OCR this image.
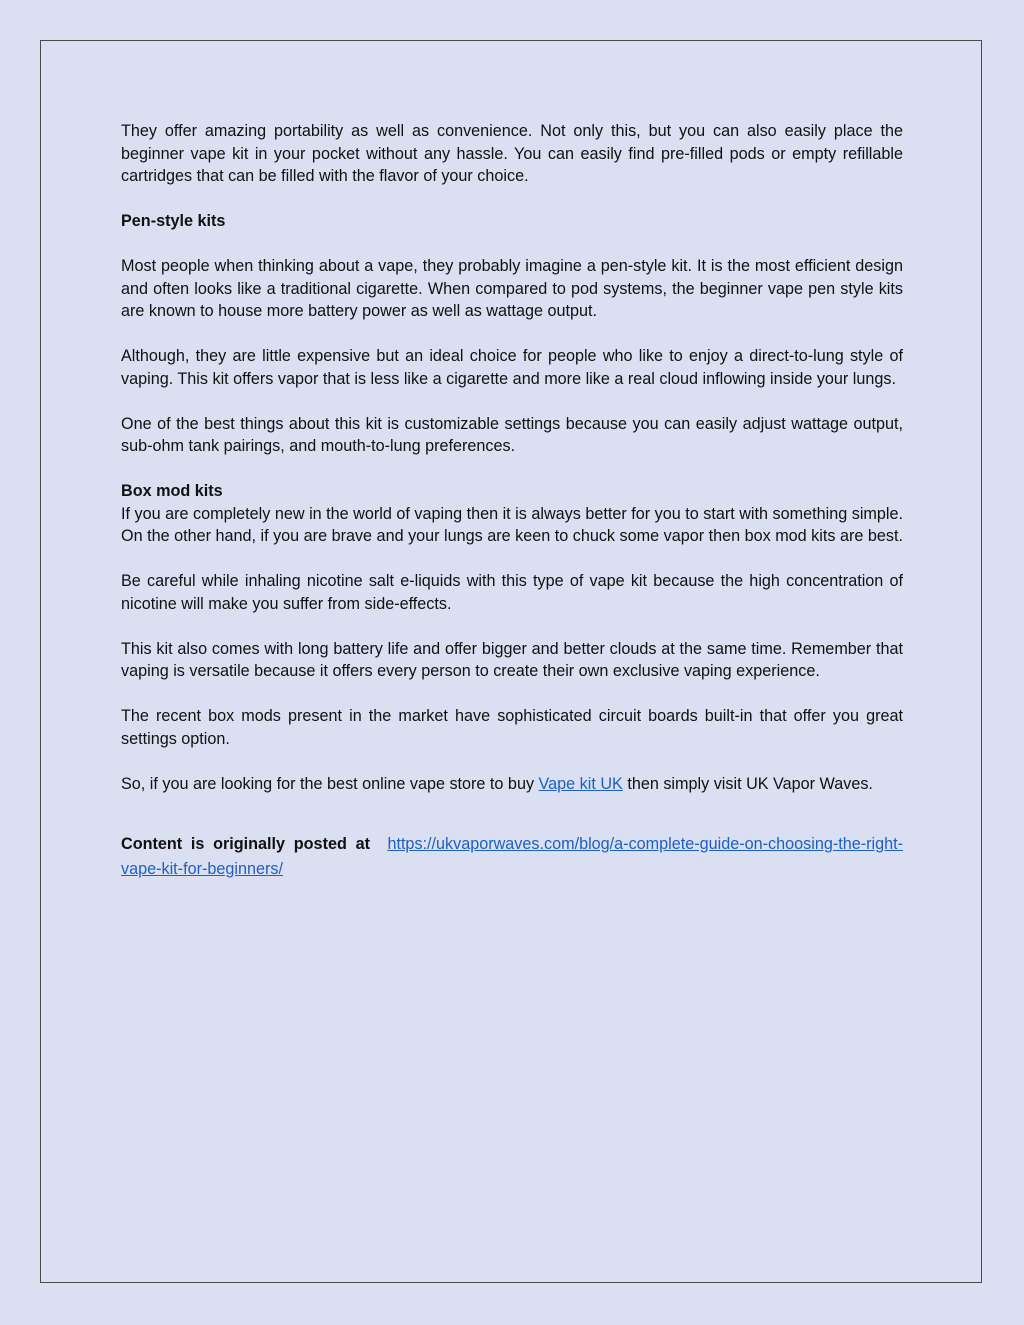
They offer amazing portability as well as convenience. Not only this, but you can also easily place the beginner vape kit in your pocket without any hassle. You can easily find pre-filled pods or empty refillable cartridges that can be filled with the flavor of your choice.

Pen-style kits

Most people when thinking about a vape, they probably imagine a pen-style kit. It is the most efficient design and often looks like a traditional cigarette. When compared to pod systems, the beginner vape pen style kits are known to house more battery power as well as wattage output.

Although, they are little expensive but an ideal choice for people who like to enjoy a direct-to-lung style of vaping. This kit offers vapor that is less like a cigarette and more like a real cloud inflowing inside your lungs.

One of the best things about this kit is customizable settings because you can easily adjust wattage output, sub-ohm tank pairings, and mouth-to-lung preferences.

Box mod kits

If you are completely new in the world of vaping then it is always better for you to start with something simple. On the other hand, if you are brave and your lungs are keen to chuck some vapor then box mod kits are best.

Be careful while inhaling nicotine salt e-liquids with this type of vape kit because the high concentration of nicotine will make you suffer from side-effects.

This kit also comes with long battery life and offer bigger and better clouds at the same time. Remember that vaping is versatile because it offers every person to create their own exclusive vaping experience.

The recent box mods present in the market have sophisticated circuit boards built-in that offer you great settings option.

So, if you are looking for the best online vape store to buy Vape kit UK then simply visit UK Vapor Waves.

Content is originally posted at https://ukvaporwaves.com/blog/a-complete-guide-on-choosing-the-right-vape-kit-for-beginners/
